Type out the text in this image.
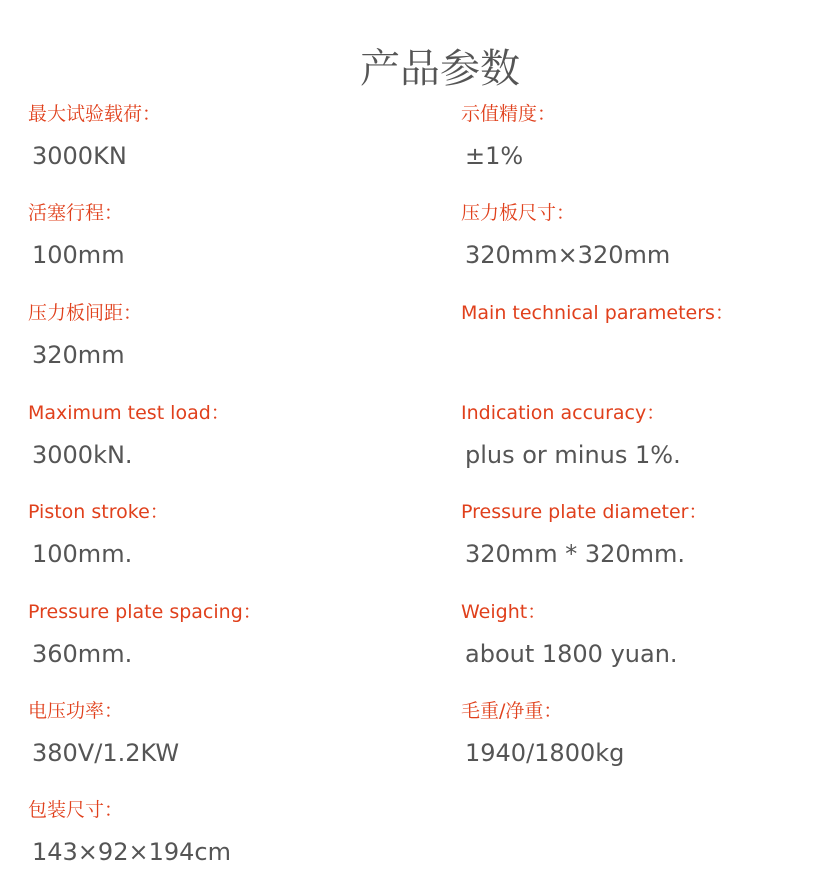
产品参数
最大试验载荷：
3000KN
示值精度：
±1%
活塞行程：
100mm
压力板尺寸：
320mm×320mm
压力板间距：
320mm
Main technical parameters：
Maximum test load：
3000kN.
Indication accuracy：
plus or minus 1%.
Piston stroke：
100mm.
Pressure plate diameter：
320mm * 320mm.
Pressure plate spacing：
360mm.
Weight：
about 1800 yuan.
电压功率：
380V/1.2KW
毛重/净重：
1940/1800kg
包装尺寸：
143×92×194cm
